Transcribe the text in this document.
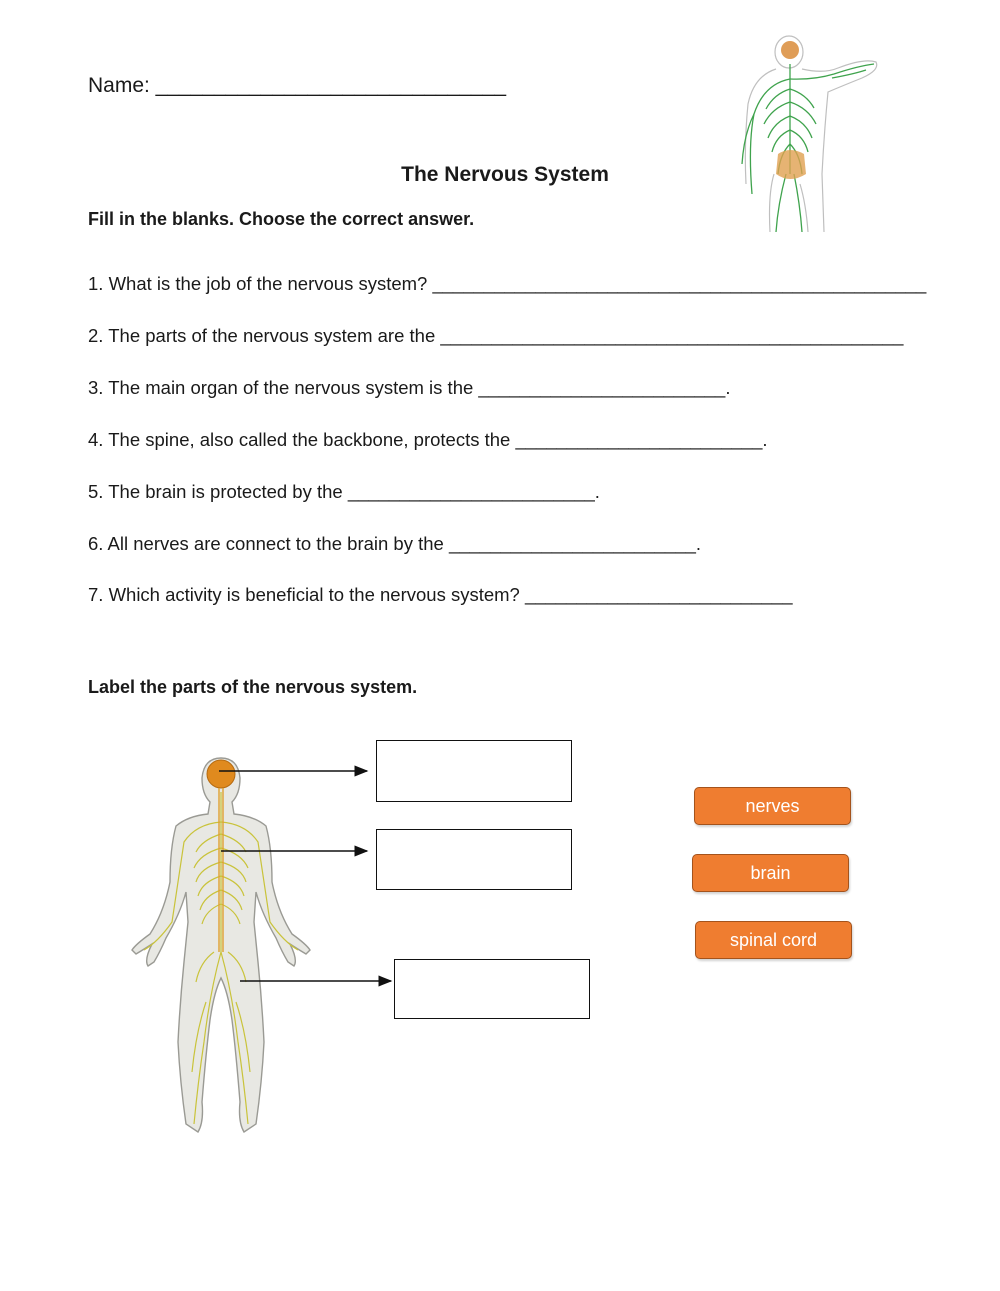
Name: ______________________________
The Nervous System
Fill in the blanks. Choose the correct answer.
1. What is the job of the nervous system? ________________________________________________
2. The parts of the nervous system are the _____________________________________________
3. The main organ of the nervous system is the ________________________.
4. The spine, also called the backbone, protects the ________________________.
5. The brain is protected by the ________________________.
6. All nerves are connect to the brain by the ________________________.
7. Which activity is beneficial to the nervous system? __________________________
Label the parts of the nervous system.
nerves
brain
spinal cord
